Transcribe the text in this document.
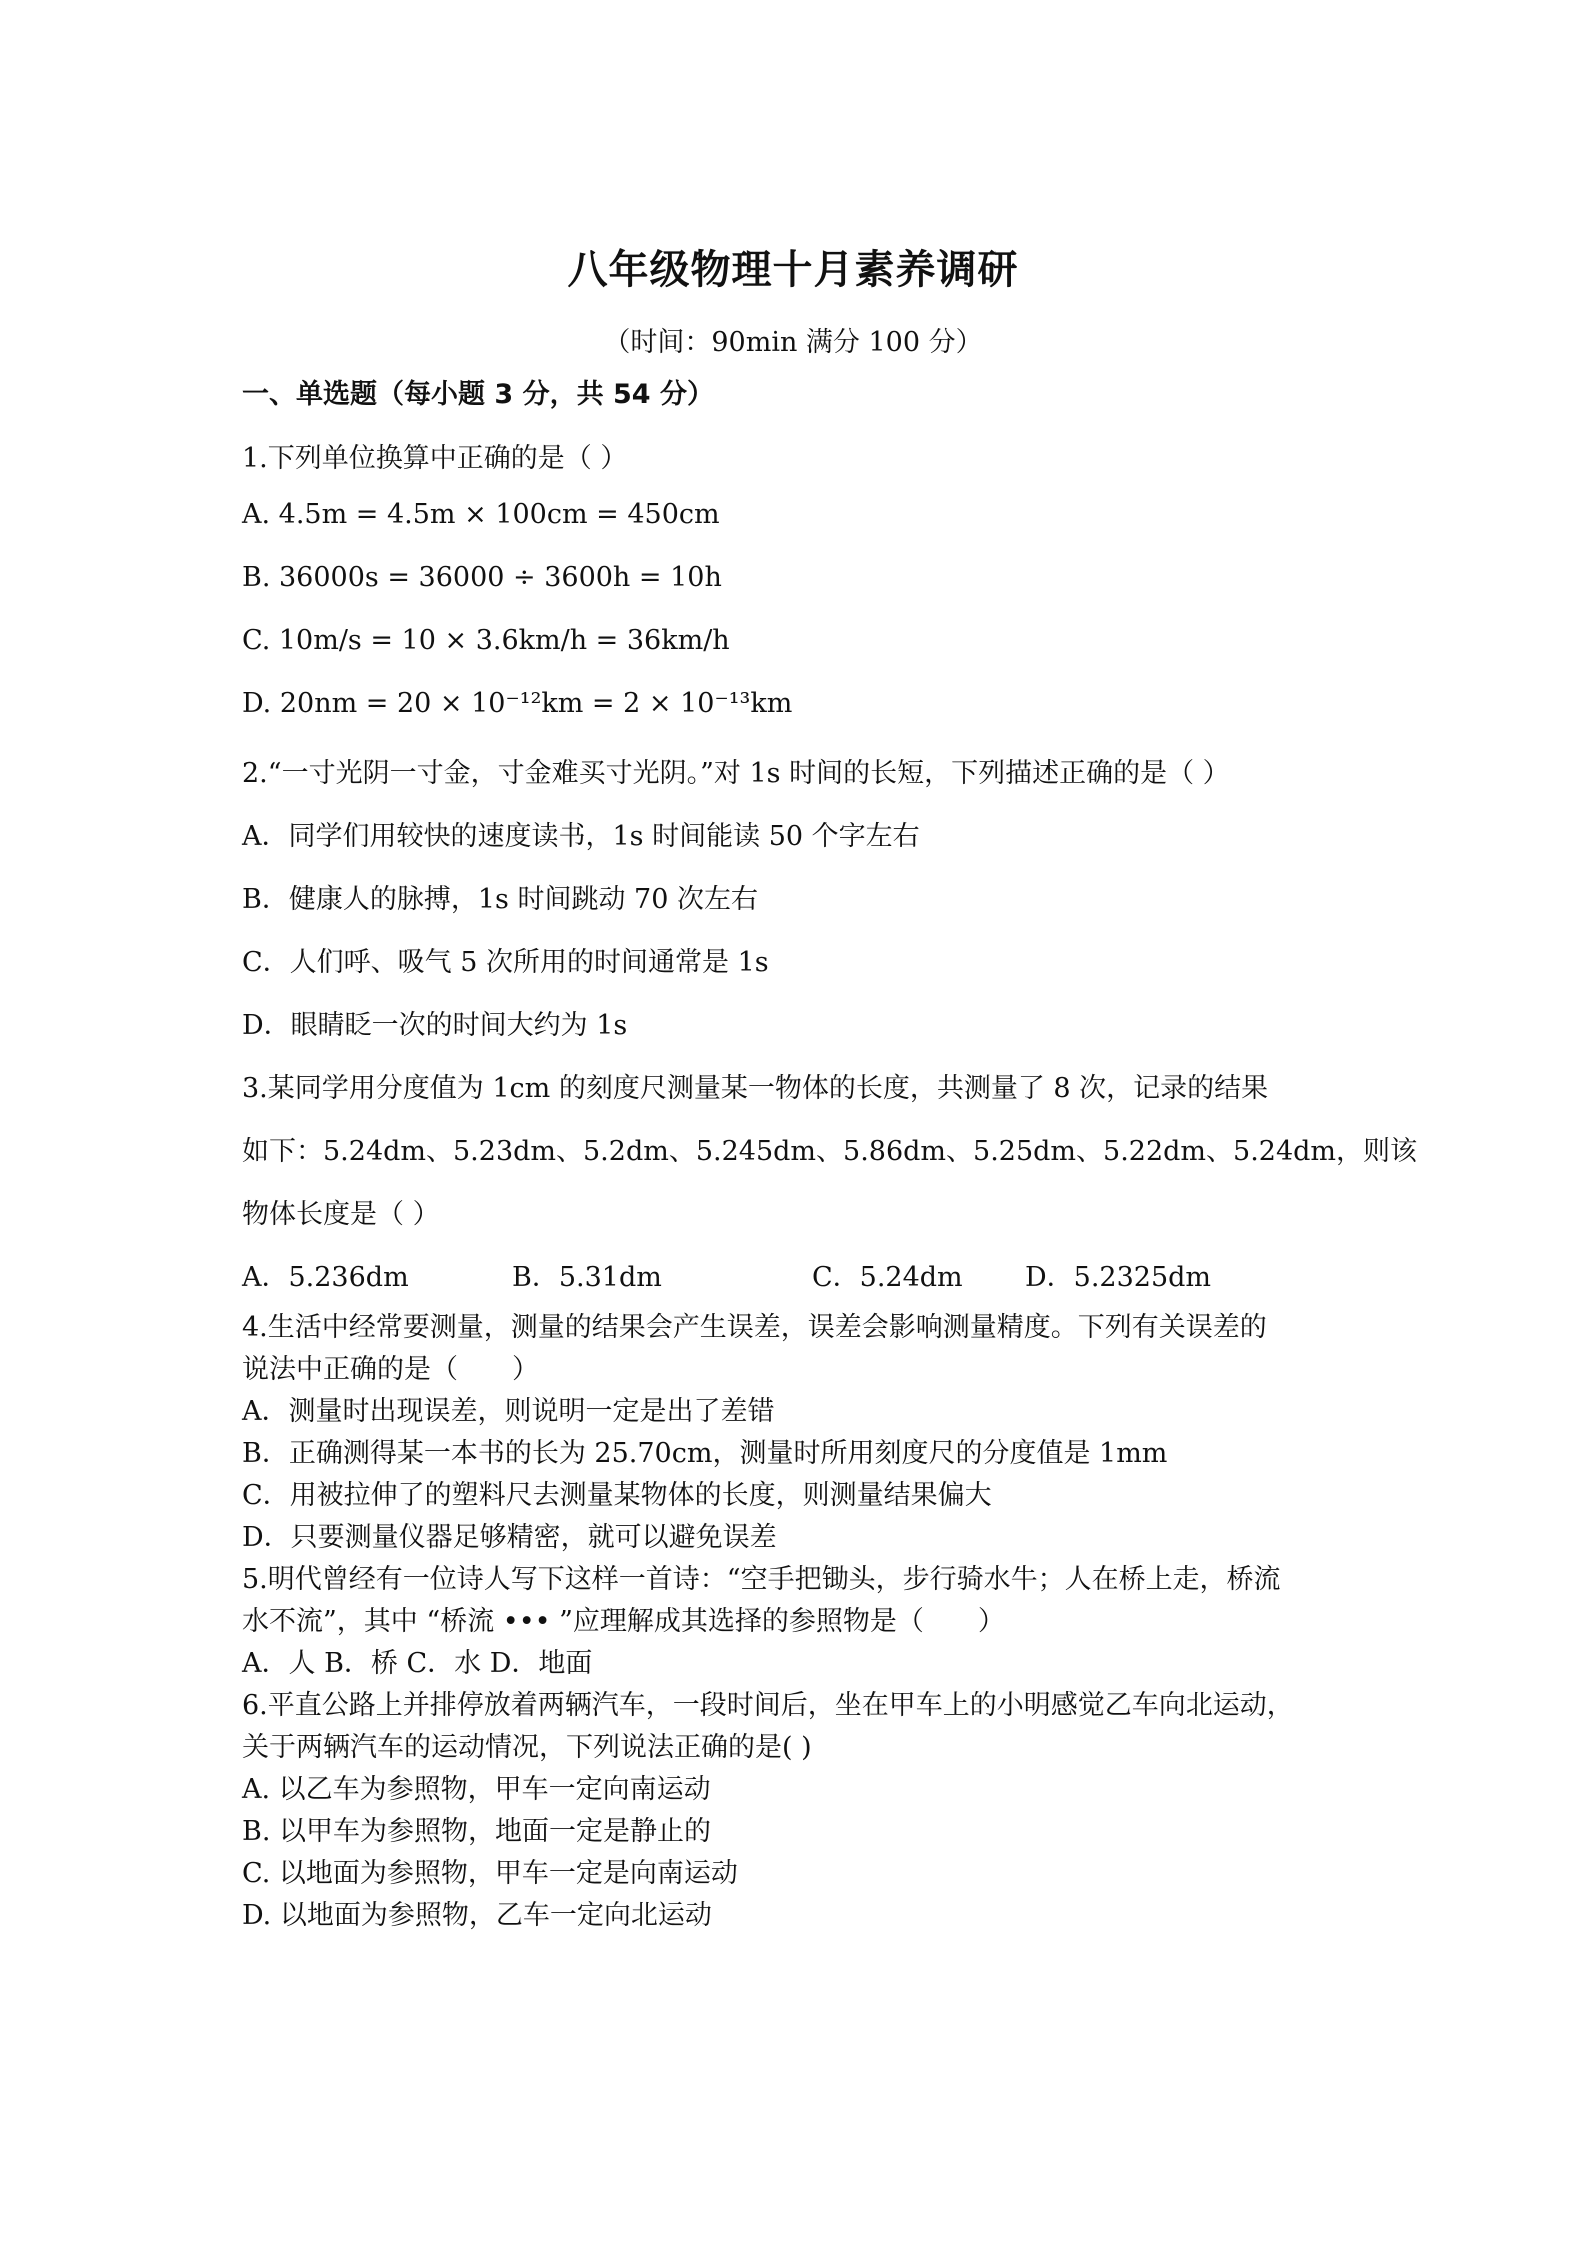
八年级物理十月素养调研
（时间：90min 满分 100 分）
一、单选题（每小题 3 分，共 54 分）
1.下列单位换算中正确的是（ ）
A. 4.5m = 4.5m × 100cm = 450cm
B. 36000s = 36000 ÷ 3600h = 10h
C. 10m/s = 10 × 3.6km/h = 36km/h
D. 20nm = 20 × 10⁻¹²km = 2 × 10⁻¹³km
2.“一寸光阴一寸金，寸金难买寸光阴。”对 1s 时间的长短，下列描述正确的是（ ）
A．同学们用较快的速度读书，1s 时间能读 50 个字左右
B．健康人的脉搏，1s 时间跳动 70 次左右
C．人们呼、吸气 5 次所用的时间通常是 1s
D．眼睛眨一次的时间大约为 1s
3.某同学用分度值为 1cm 的刻度尺测量某一物体的长度，共测量了 8 次，记录的结果
如下：5.24dm、5.23dm、5.2dm、5.245dm、5.86dm、5.25dm、5.22dm、5.24dm，则该
物体长度是（ ）
A．5.236dm	B．5.31dm	C．5.24dm D．5.2325dm
4.生活中经常要测量，测量的结果会产生误差，误差会影响测量精度。下列有关误差的
说法中正确的是（　　）
A．测量时出现误差，则说明一定是出了差错
B．正确测得某一本书的长为 25.70cm，测量时所用刻度尺的分度值是 1mm
C．用被拉伸了的塑料尺去测量某物体的长度，则测量结果偏大
D．只要测量仪器足够精密，就可以避免误差
5.明代曾经有一位诗人写下这样一首诗：“空手把锄头，步行骑水牛；人在桥上走，桥流
水不流”，其中 “桥流 ••• ”应理解成其选择的参照物是（　　）
A．人 B．桥 C．水 D．地面
6.平直公路上并排停放着两辆汽车，一段时间后，坐在甲车上的小明感觉乙车向北运动，
关于两辆汽车的运动情况，下列说法正确的是( )
A. 以乙车为参照物，甲车一定向南运动
B. 以甲车为参照物，地面一定是静止的
C. 以地面为参照物，甲车一定是向南运动
D. 以地面为参照物，乙车一定向北运动
